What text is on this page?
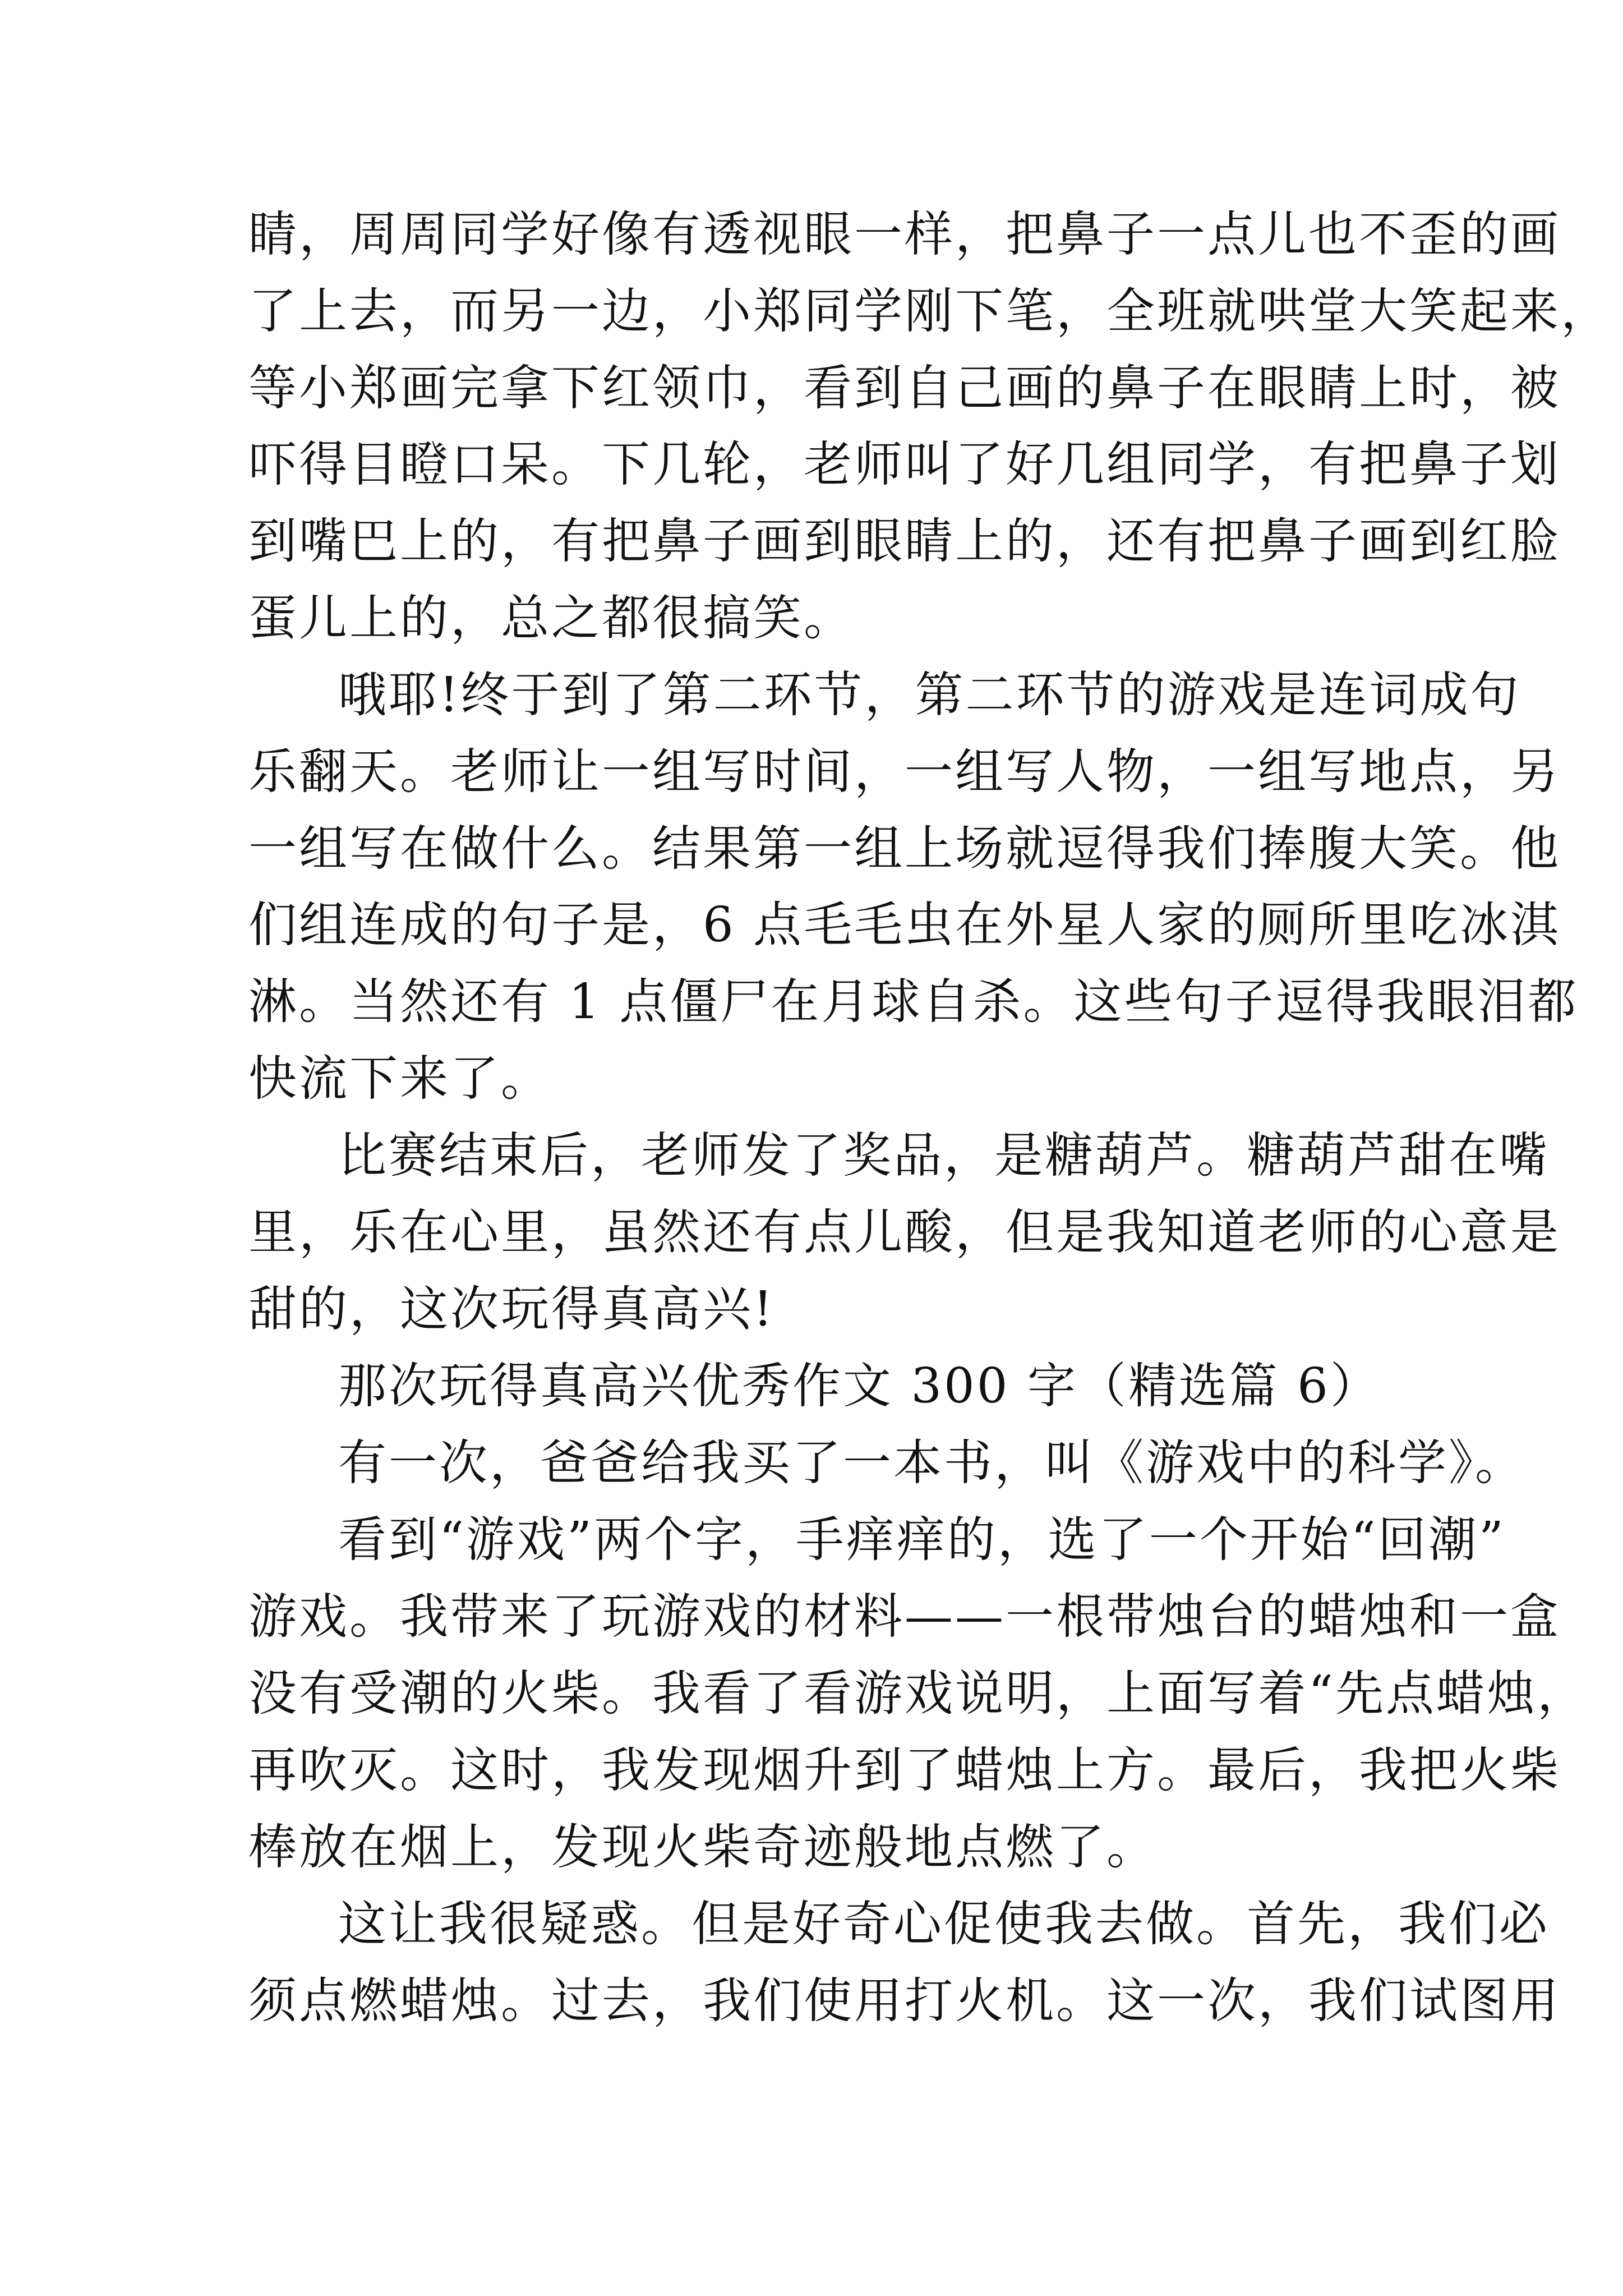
睛，周周同学好像有透视眼一样，把鼻子一点儿也不歪的画
了上去，而另一边，小郑同学刚下笔，全班就哄堂大笑起来，
等小郑画完拿下红领巾，看到自己画的鼻子在眼睛上时，被
吓得目瞪口呆。下几轮，老师叫了好几组同学，有把鼻子划
到嘴巴上的，有把鼻子画到眼睛上的，还有把鼻子画到红脸
蛋儿上的，总之都很搞笑。
哦耶!终于到了第二环节，第二环节的游戏是连词成句
乐翻天。老师让一组写时间，一组写人物，一组写地点，另
一组写在做什么。结果第一组上场就逗得我们捧腹大笑。他
们组连成的句子是，6 点毛毛虫在外星人家的厕所里吃冰淇
淋。当然还有 1 点僵尸在月球自杀。这些句子逗得我眼泪都
快流下来了。
比赛结束后，老师发了奖品，是糖葫芦。糖葫芦甜在嘴
里，乐在心里，虽然还有点儿酸，但是我知道老师的心意是
甜的，这次玩得真高兴!
那次玩得真高兴优秀作文 300 字（精选篇 6）
有一次，爸爸给我买了一本书，叫《游戏中的科学》。
看到“游戏”两个字，手痒痒的，选了一个开始“回潮”
游戏。我带来了玩游戏的材料——一根带烛台的蜡烛和一盒
没有受潮的火柴。我看了看游戏说明，上面写着“先点蜡烛，
再吹灭。这时，我发现烟升到了蜡烛上方。最后，我把火柴
棒放在烟上，发现火柴奇迹般地点燃了。
这让我很疑惑。但是好奇心促使我去做。首先，我们必
须点燃蜡烛。过去，我们使用打火机。这一次，我们试图用
